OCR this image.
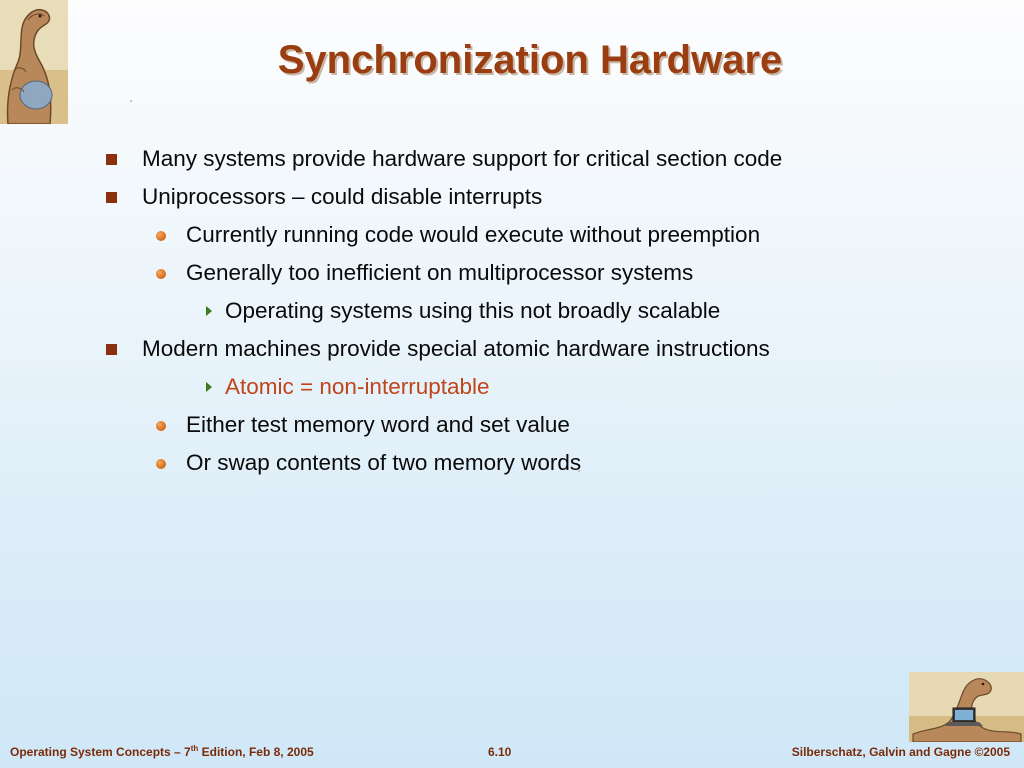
Synchronization Hardware
Many systems provide hardware support for critical section code
Uniprocessors – could disable interrupts
Currently running code would execute without preemption
Generally too inefficient on multiprocessor systems
Operating systems using this not broadly scalable
Modern machines provide special atomic hardware instructions
Atomic = non-interruptable
Either test memory word and set value
Or swap contents of two memory words
Operating System Concepts – 7th Edition, Feb 8, 2005	6.10	Silberschatz, Galvin and Gagne ©2005
